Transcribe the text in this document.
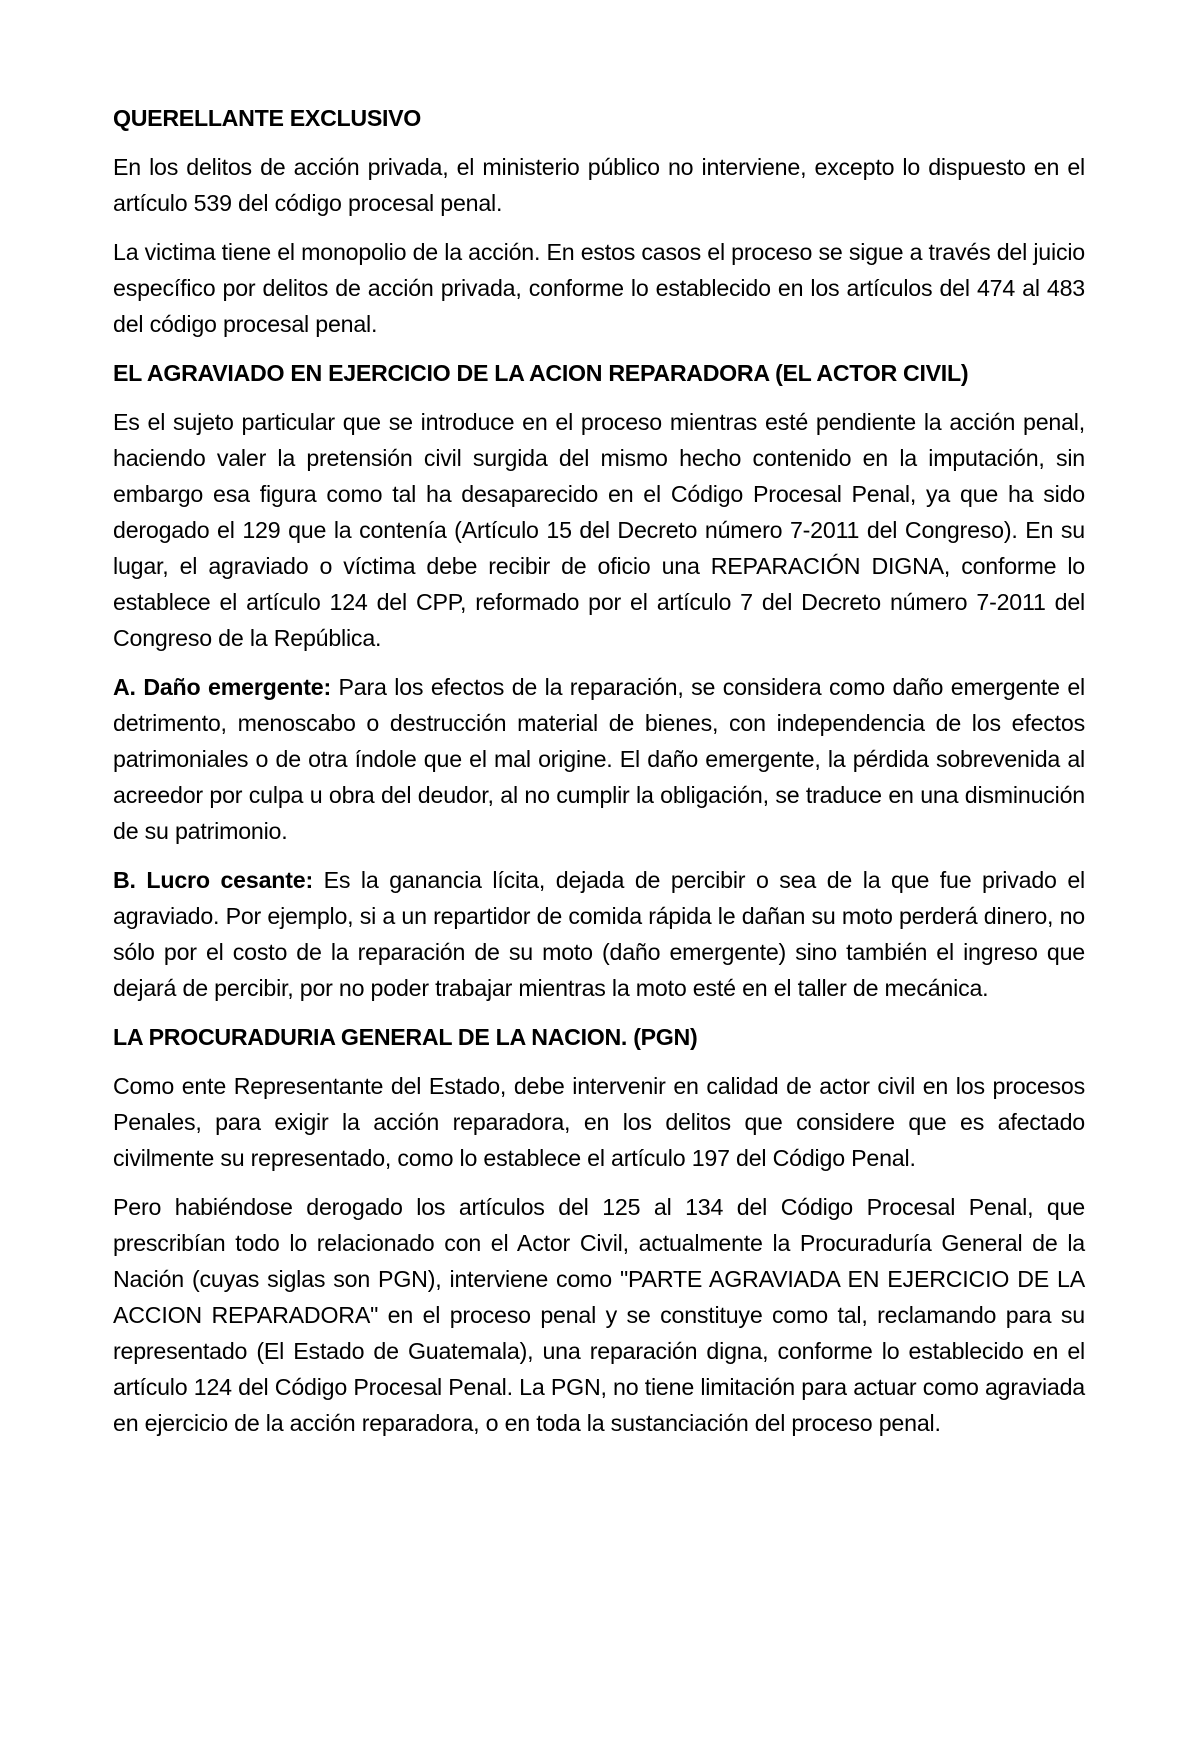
QUERELLANTE EXCLUSIVO

En los delitos de acción privada, el ministerio público no interviene, excepto lo dispuesto en el artículo 539 del código procesal penal.

La victima tiene el monopolio de la acción. En estos casos el proceso se sigue a través del juicio específico por delitos de acción privada, conforme lo establecido en los artículos del 474 al 483 del código procesal penal.

EL AGRAVIADO EN EJERCICIO DE LA ACION REPARADORA (EL ACTOR CIVIL)

Es el sujeto particular que se introduce en el proceso mientras esté pendiente la acción penal, haciendo valer la pretensión civil surgida del mismo hecho contenido en la imputación, sin embargo esa figura como tal ha desaparecido en el Código Procesal Penal, ya que ha sido derogado el 129 que la contenía (Artículo 15 del Decreto número 7-2011 del Congreso). En su lugar, el agraviado o víctima debe recibir de oficio una REPARACIÓN DIGNA, conforme lo establece el artículo 124 del CPP, reformado por el artículo 7 del Decreto número 7-2011 del Congreso de la República.

A. Daño emergente: Para los efectos de la reparación, se considera como daño emergente el detrimento, menoscabo o destrucción material de bienes, con independencia de los efectos patrimoniales o de otra índole que el mal origine. El daño emergente, la pérdida sobrevenida al acreedor por culpa u obra del deudor, al no cumplir la obligación, se traduce en una disminución de su patrimonio.

B. Lucro cesante: Es la ganancia lícita, dejada de percibir o sea de la que fue privado el agraviado. Por ejemplo, si a un repartidor de comida rápida le dañan su moto perderá dinero, no sólo por el costo de la reparación de su moto (daño emergente) sino también el ingreso que dejará de percibir, por no poder trabajar mientras la moto esté en el taller de mecánica.

LA PROCURADURIA GENERAL DE LA NACION. (PGN)

Como ente Representante del Estado, debe intervenir en calidad de actor civil en los procesos Penales, para exigir la acción reparadora, en los delitos que considere que es afectado civilmente su representado, como lo establece el artículo 197 del Código Penal.

Pero habiéndose derogado los artículos del 125 al 134 del Código Procesal Penal, que prescribían todo lo relacionado con el Actor Civil, actualmente la Procuraduría General de la Nación (cuyas siglas son PGN), interviene como "PARTE AGRAVIADA EN EJERCICIO DE LA ACCION REPARADORA" en el proceso penal y se constituye como tal, reclamando para su representado (El Estado de Guatemala), una reparación digna, conforme lo establecido en el artículo 124 del Código Procesal Penal. La PGN, no tiene limitación para actuar como agraviada en ejercicio de la acción reparadora, o en toda la sustanciación del proceso penal.
